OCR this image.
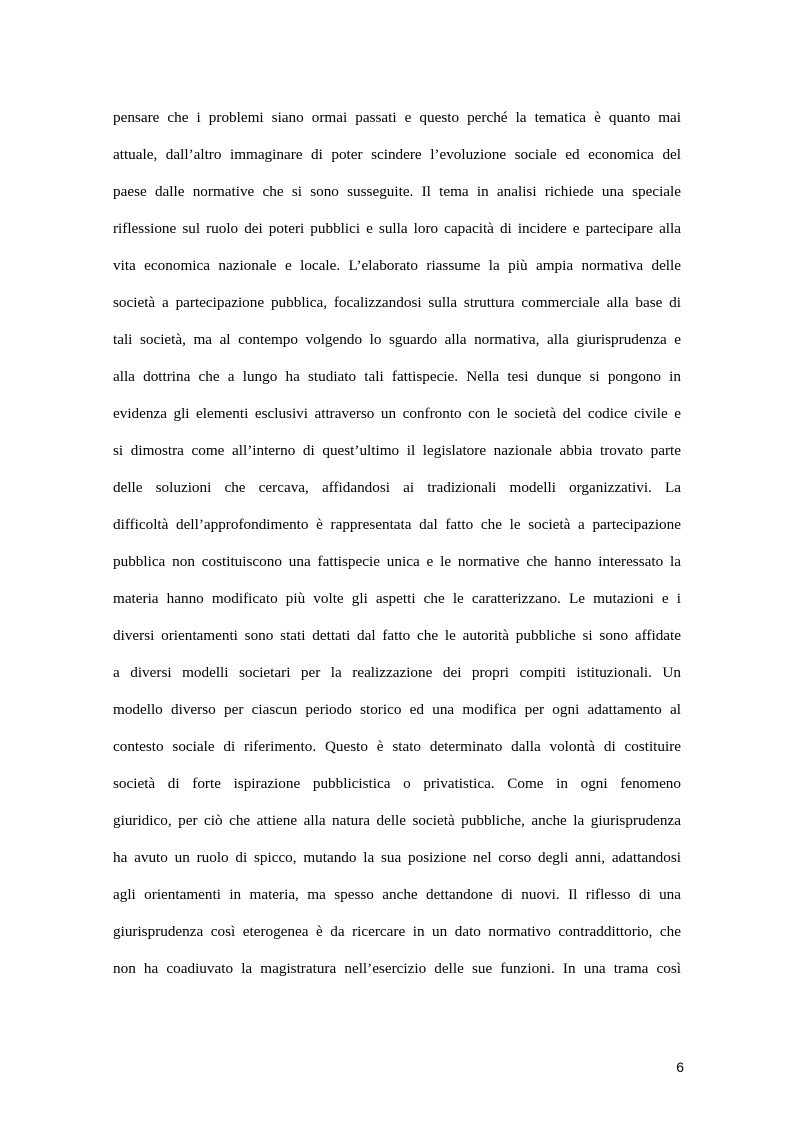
pensare che i problemi siano ormai passati e questo perché la tematica è quanto mai
attuale, dall’altro immaginare di poter scindere l’evoluzione sociale ed economica del
paese dalle normative che si sono susseguite. Il tema in analisi richiede una speciale
riflessione sul ruolo dei poteri pubblici e sulla loro capacità di incidere e partecipare alla
vita economica nazionale e locale. L’elaborato riassume la più ampia normativa delle
società a partecipazione pubblica, focalizzandosi sulla struttura commerciale alla base di
tali società, ma al contempo volgendo lo sguardo alla normativa, alla giurisprudenza e
alla dottrina che a lungo ha studiato tali fattispecie. Nella tesi dunque si pongono in
evidenza gli elementi esclusivi attraverso un confronto con le società del codice civile e
si dimostra come all’interno di quest’ultimo il legislatore nazionale abbia trovato parte
delle soluzioni che cercava, affidandosi ai tradizionali modelli organizzativi. La
difficoltà dell’approfondimento è rappresentata dal fatto che le società a partecipazione
pubblica non costituiscono una fattispecie unica e le normative che hanno interessato la
materia hanno modificato più volte gli aspetti che le caratterizzano. Le mutazioni e i
diversi orientamenti sono stati dettati dal fatto che le autorità pubbliche si sono affidate
a diversi modelli societari per la realizzazione dei propri compiti istituzionali. Un
modello diverso per ciascun periodo storico ed una modifica per ogni adattamento al
contesto sociale di riferimento. Questo è stato determinato dalla volontà di costituire
società di forte ispirazione pubblicistica o privatistica. Come in ogni fenomeno
giuridico, per ciò che attiene alla natura delle società pubbliche, anche la giurisprudenza
ha avuto un ruolo di spicco, mutando la sua posizione nel corso degli anni, adattandosi
agli orientamenti in materia, ma spesso anche dettandone di nuovi. Il riflesso di una
giurisprudenza così eterogenea è da ricercare in un dato normativo contraddittorio, che
non ha coadiuvato la magistratura nell’esercizio delle sue funzioni. In una trama così
6
